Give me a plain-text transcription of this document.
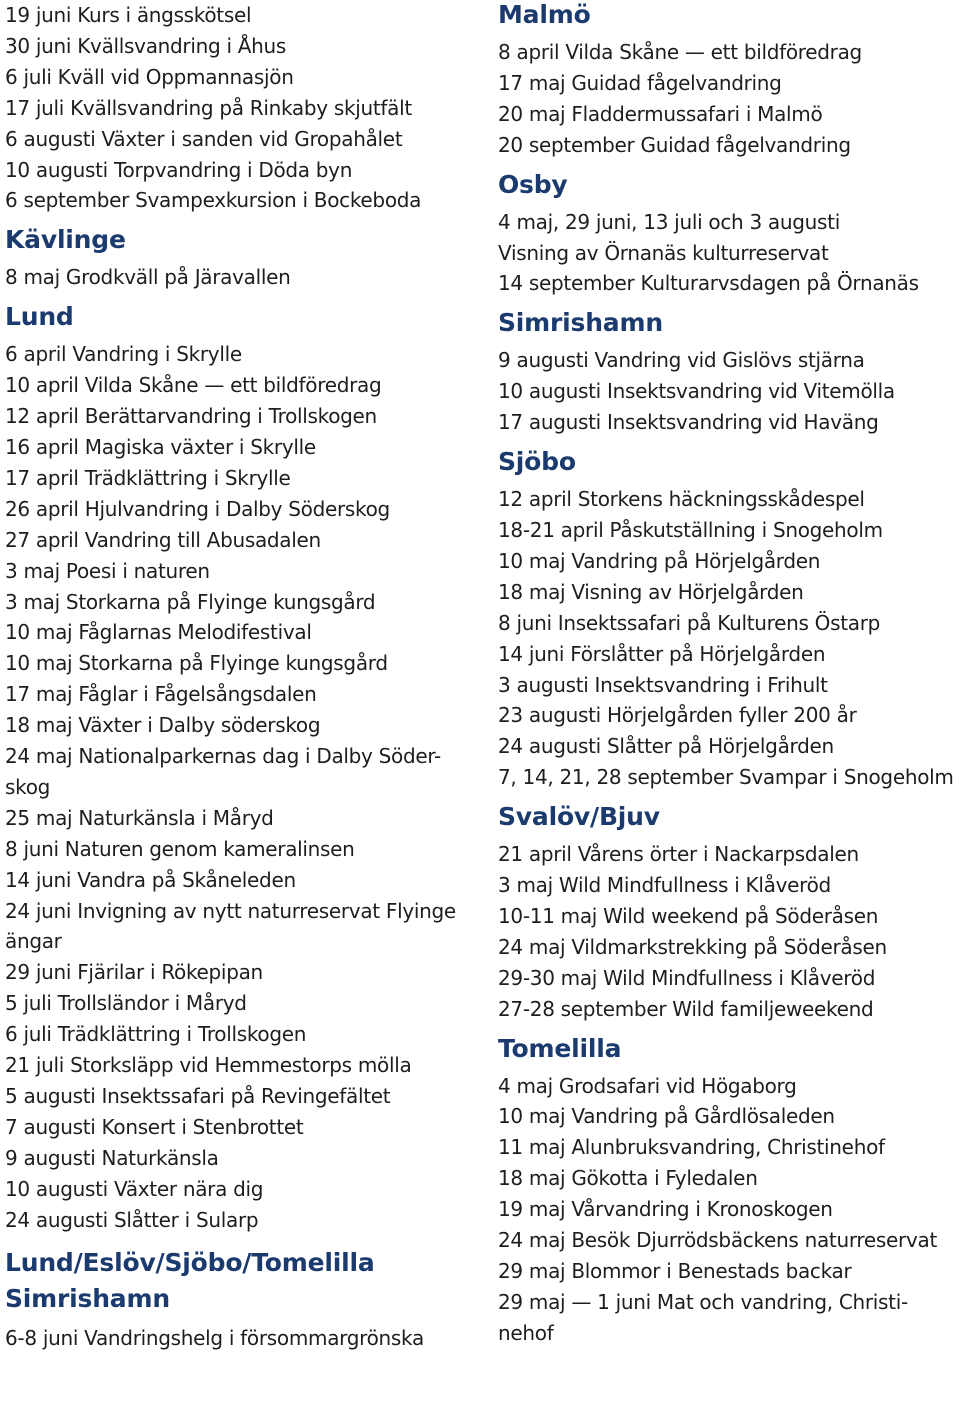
19 juni Kurs i ängsskötsel
30 juni Kvällsvandring i Åhus
6 juli Kväll vid Oppmannasjön
17 juli Kvällsvandring på Rinkaby skjutfält
6 augusti Växter i sanden vid Gropahålet
10 augusti Torpvandring i Döda byn
6 september Svampexkursion i Bockeboda
Kävlinge
8 maj Grodkväll på Järavallen
Lund
6 april Vandring i Skrylle
10 april Vilda Skåne — ett bildföredrag
12 april Berättarvandring i Trollskogen
16 april Magiska växter i Skrylle
17 april Trädklättring i Skrylle
26 april Hjulvandring i Dalby Söderskog
27 april Vandring till Abusadalen
3 maj Poesi i naturen
3 maj Storkarna på Flyinge kungsgård
10 maj Fåglarnas Melodifestival
10 maj Storkarna på Flyinge kungsgård
17 maj Fåglar i Fågelsångsdalen
18 maj Växter i Dalby söderskog
24 maj Nationalparkernas dag i Dalby Söder-skog
25 maj Naturkänsla i Måryd
8 juni Naturen genom kameralinsen
14 juni Vandra på Skåneleden
24 juni Invigning av nytt naturreservat Flyinge ängar
29 juni Fjärilar i Rökepipan
5 juli Trollsländor i Måryd
6 juli Trädklättring i Trollskogen
21 juli Storksläpp vid Hemmestorps mölla
5 augusti Insektssafari på Revingefältet
7 augusti Konsert i Stenbrottet
9 augusti Naturkänsla
10 augusti Växter nära dig
24 augusti Slåtter i Sularp
Lund/Eslöv/Sjöbo/Tomelilla Simrishamn
6-8 juni Vandringshelg i försommargrönska
Malmö
8 april Vilda Skåne — ett bildföredrag
17 maj Guidad fågelvandring
20 maj Fladdermussafari i Malmö
20 september Guidad fågelvandring
Osby
4 maj, 29 juni, 13 juli och 3 augusti
Visning av Örnanäs kulturreservat
14 september Kulturarvsdagen på Örnanäs
Simrishamn
9 augusti Vandring vid Gislövs stjärna
10 augusti Insektsvandring vid Vitemölla
17 augusti Insektsvandring vid Haväng
Sjöbo
12 april Storkens häckningsskådespel
18-21 april Påskutställning i Snogeholm
10 maj Vandring på Hörjelgården
18 maj Visning av Hörjelgården
8 juni Insektssafari på Kulturens Östarp
14 juni Förslåtter på Hörjelgården
3 augusti Insektsvandring i Frihult
23 augusti Hörjelgården fyller 200 år
24 augusti Slåtter på Hörjelgården
7, 14, 21, 28 september Svampar i Snogeholm
Svalöv/Bjuv
21 april Vårens örter i Nackarpsdalen
3 maj Wild Mindfullness i Klåveröd
10-11 maj Wild weekend på Söderåsen
24 maj Vildmarkstrekking på Söderåsen
29-30 maj Wild Mindfullness i Klåveröd
27-28 september Wild familjeweekend
Tomelilla
4 maj Grodsafari vid Högaborg
10 maj Vandring på Gårdlösaleden
11 maj Alunbruksvandring, Christinehof
18 maj Gökotta i Fyledalen
19 maj Vårvandring i Kronoskogen
24 maj Besök Djurrödsbäckens naturreservat
29 maj Blommor i Benestads backar
29 maj — 1 juni Mat och vandring, Christi-nehof
